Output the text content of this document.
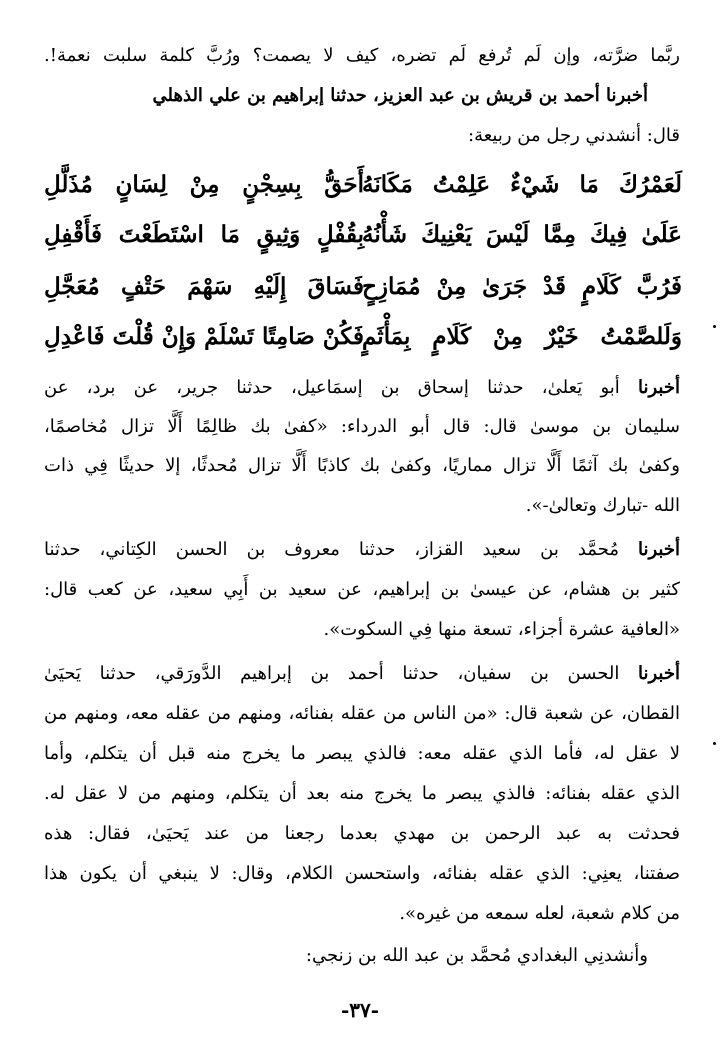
ربَّما ضرَّته، وإن لَم تُرفع لَم تضره، كيف لا يصمت؟ ورُبَّ كلمة سلبت نعمة!.
أخبرنا أحمد بن قريش بن عبد العزيز، حدثنا إبراهيم بن علي الذهلي
قال: أنشدني رجل من ربيعة:
لَعَمْرُكَ مَا شَيْءٌ عَلِمْتُ مَكَانَهُ
أَحَقُّ بِسِجْنٍ مِنْ لِسَانٍ مُذَلَّلِ
عَلَىٰ فِيكَ مِمَّا لَيْسَ يَعْنِيكَ شَأْنُهُ
بِقُفْلٍ وَثِيقٍ مَا اسْتَطَعْتَ فَأَقْفِلِ
فَرُبَّ كَلَامٍ قَدْ جَرَىٰ مِنْ مُمَازِحٍ
فَسَاقَ إِلَيْهِ سَهْمَ حَتْفٍ مُعَجَّلِ
وَلَلصَّمْتُ خَيْرٌ مِنْ كَلَامٍ بِمَأْثَمٍ
فَكُنْ صَامِتًا تَسْلَمْ وَإِنْ قُلْتَ فَاعْدِلِ
أخبرنا أبو يَعلىٰ، حدثنا إسحاق بن إسمَاعيل، حدثنا جرير، عن برد، عن
سليمان بن موسىٰ قال: قال أبو الدرداء: «كفىٰ بك ظالِمًا أَلَّا تزال مُخاصمًا،
وكفىٰ بك آثمًا أَلَّا تزال مماريًا، وكفىٰ بك كاذبًا أَلَّا تزال مُحدثًا، إلا حديثًا فِي ذات
الله -تبارك وتعالىٰ-».
أخبرنا مُحمَّد بن سعيد القزاز، حدثنا معروف بن الحسن الكِتاني، حدثنا
كثير بن هشام، عن عيسىٰ بن إبراهيم، عن سعيد بن أَبِي سعيد، عن كعب قال:
«العافية عشرة أجزاء، تسعة منها فِي السكوت».
أخبرنا الحسن بن سفيان، حدثنا أحمد بن إبراهيم الدَّورَقي، حدثنا يَحيَىٰ
القطان، عن شعبة قال: «من الناس من عقله بفنائه، ومنهم من عقله معه، ومنهم من
لا عقل له، فأما الذي عقله معه: فالذي يبصر ما يخرج منه قبل أن يتكلم، وأما
الذي عقله بفنائه: فالذي يبصر ما يخرج منه بعد أن يتكلم، ومنهم من لا عقل له.
فحدثت به عبد الرحمن بن مهدي بعدما رجعنا من عند يَحيَىٰ، فقال: هذه
صفتنا، يعنِي: الذي عقله بفنائه، واستحسن الكلام، وقال: لا ينبغي أن يكون هذا
من كلام شعبة، لعله سمعه من غيره».
وأنشدنِي البغدادي مُحمَّد بن عبد الله بن زنجي:
-٣٧-
